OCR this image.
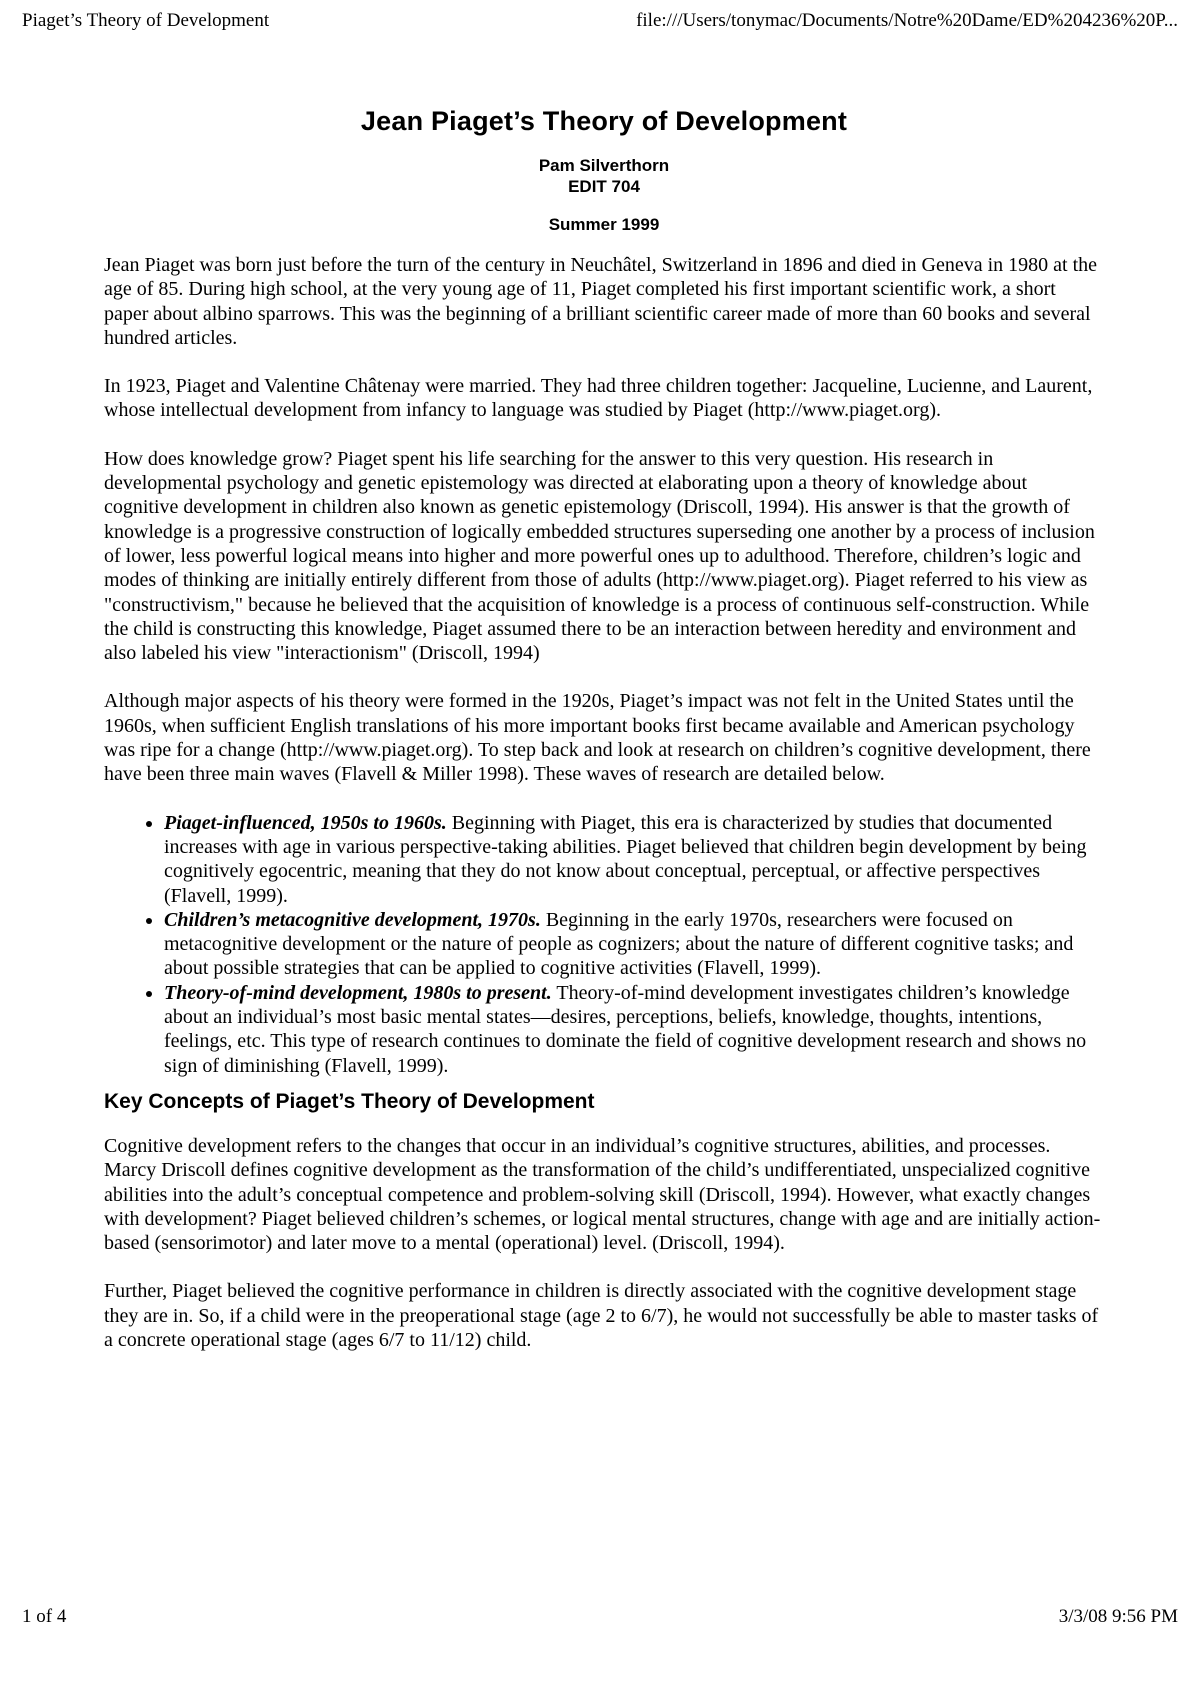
Piaget’s Theory of Development	file:///Users/tonymac/Documents/Notre%20Dame/ED%204236%20P...
Jean Piaget’s Theory of Development

Pam Silverthorn

EDIT 704

Summer 1999

Jean Piaget was born just before the turn of the century in Neuchâtel, Switzerland in 1896 and died in Geneva in 1980 at the age of 85. During high school, at the very young age of 11, Piaget completed his first important scientific work, a short paper about albino sparrows. This was the beginning of a brilliant scientific career made of more than 60 books and several hundred articles.

In 1923, Piaget and Valentine Châtenay were married. They had three children together: Jacqueline, Lucienne, and Laurent, whose intellectual development from infancy to language was studied by Piaget (http://www.piaget.org).

How does knowledge grow? Piaget spent his life searching for the answer to this very question. His research in developmental psychology and genetic epistemology was directed at elaborating upon a theory of knowledge about cognitive development in children also known as genetic epistemology (Driscoll, 1994). His answer is that the growth of knowledge is a progressive construction of logically embedded structures superseding one another by a process of inclusion of lower, less powerful logical means into higher and more powerful ones up to adulthood. Therefore, children’s logic and modes of thinking are initially entirely different from those of adults (http://www.piaget.org). Piaget referred to his view as "constructivism," because he believed that the acquisition of knowledge is a process of continuous self-construction. While the child is constructing this knowledge, Piaget assumed there to be an interaction between heredity and environment and also labeled his view "interactionism" (Driscoll, 1994)

Although major aspects of his theory were formed in the 1920s, Piaget’s impact was not felt in the United States until the 1960s, when sufficient English translations of his more important books first became available and American psychology was ripe for a change (http://www.piaget.org). To step back and look at research on children’s cognitive development, there have been three main waves (Flavell & Miller 1998). These waves of research are detailed below.

• Piaget-influenced, 1950s to 1960s. Beginning with Piaget, this era is characterized by studies that documented increases with age in various perspective-taking abilities. Piaget believed that children begin development by being cognitively egocentric, meaning that they do not know about conceptual, perceptual, or affective perspectives (Flavell, 1999).
• Children’s metacognitive development, 1970s. Beginning in the early 1970s, researchers were focused on metacognitive development or the nature of people as cognizers; about the nature of different cognitive tasks; and about possible strategies that can be applied to cognitive activities (Flavell, 1999).
• Theory-of-mind development, 1980s to present. Theory-of-mind development investigates children’s knowledge about an individual’s most basic mental states—desires, perceptions, beliefs, knowledge, thoughts, intentions, feelings, etc. This type of research continues to dominate the field of cognitive development research and shows no sign of diminishing (Flavell, 1999).
Key Concepts of Piaget’s Theory of Development

Cognitive development refers to the changes that occur in an individual’s cognitive structures, abilities, and processes. Marcy Driscoll defines cognitive development as the transformation of the child’s undifferentiated, unspecialized cognitive abilities into the adult’s conceptual competence and problem-solving skill (Driscoll, 1994). However, what exactly changes with development? Piaget believed children’s schemes, or logical mental structures, change with age and are initially action-based (sensorimotor) and later move to a mental (operational) level. (Driscoll, 1994).

Further, Piaget believed the cognitive performance in children is directly associated with the cognitive development stage they are in. So, if a child were in the preoperational stage (age 2 to 6/7), he would not successfully be able to master tasks of a concrete operational stage (ages 6/7 to 11/12) child.

1 of 4	3/3/08 9:56 PM
